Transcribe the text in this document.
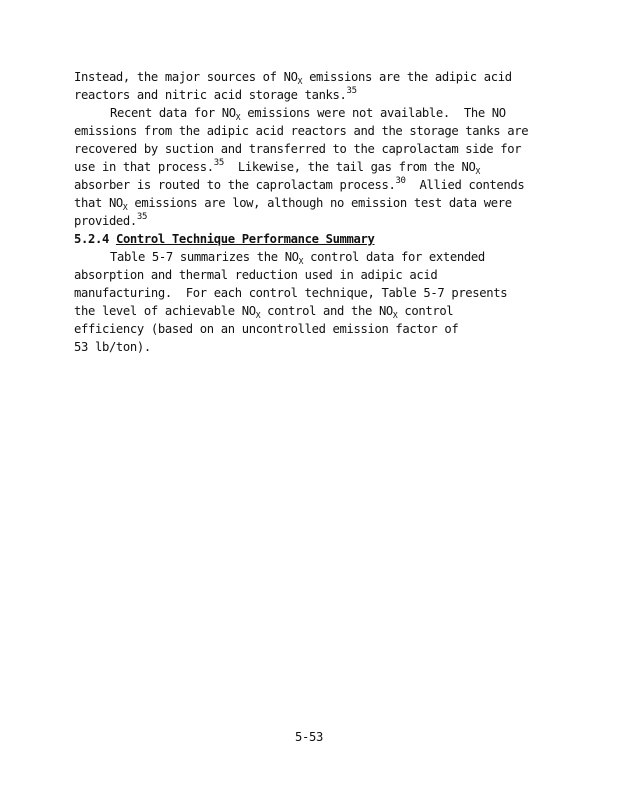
Instead, the major sources of $NO_X$ emissions are the adipic acid
reactors and nitric acid storage tanks.$^{35}$
Recent data for $NO_X$ emissions were not available.  The NO
emissions from the adipic acid reactors and the storage tanks are
recovered by suction and transferred to the caprolactam side for
use in that process.$^{35}$  Likewise, the tail gas from the $NO_X$
absorber is routed to the caprolactam process.$^{30}$  Allied contends
that $NO_X$ emissions are low, although no emission test data were
provided.$^{35}$
5.2.4 Control Technique Performance Summary
Table 5-7 summarizes the $NO_X$ control data for extended
absorption and thermal reduction used in adipic acid
manufacturing.  For each control technique, Table 5-7 presents
the level of achievable $NO_X$ control and the $NO_X$ control
efficiency (based on an uncontrolled emission factor of
53 lb/ton).
5-53
